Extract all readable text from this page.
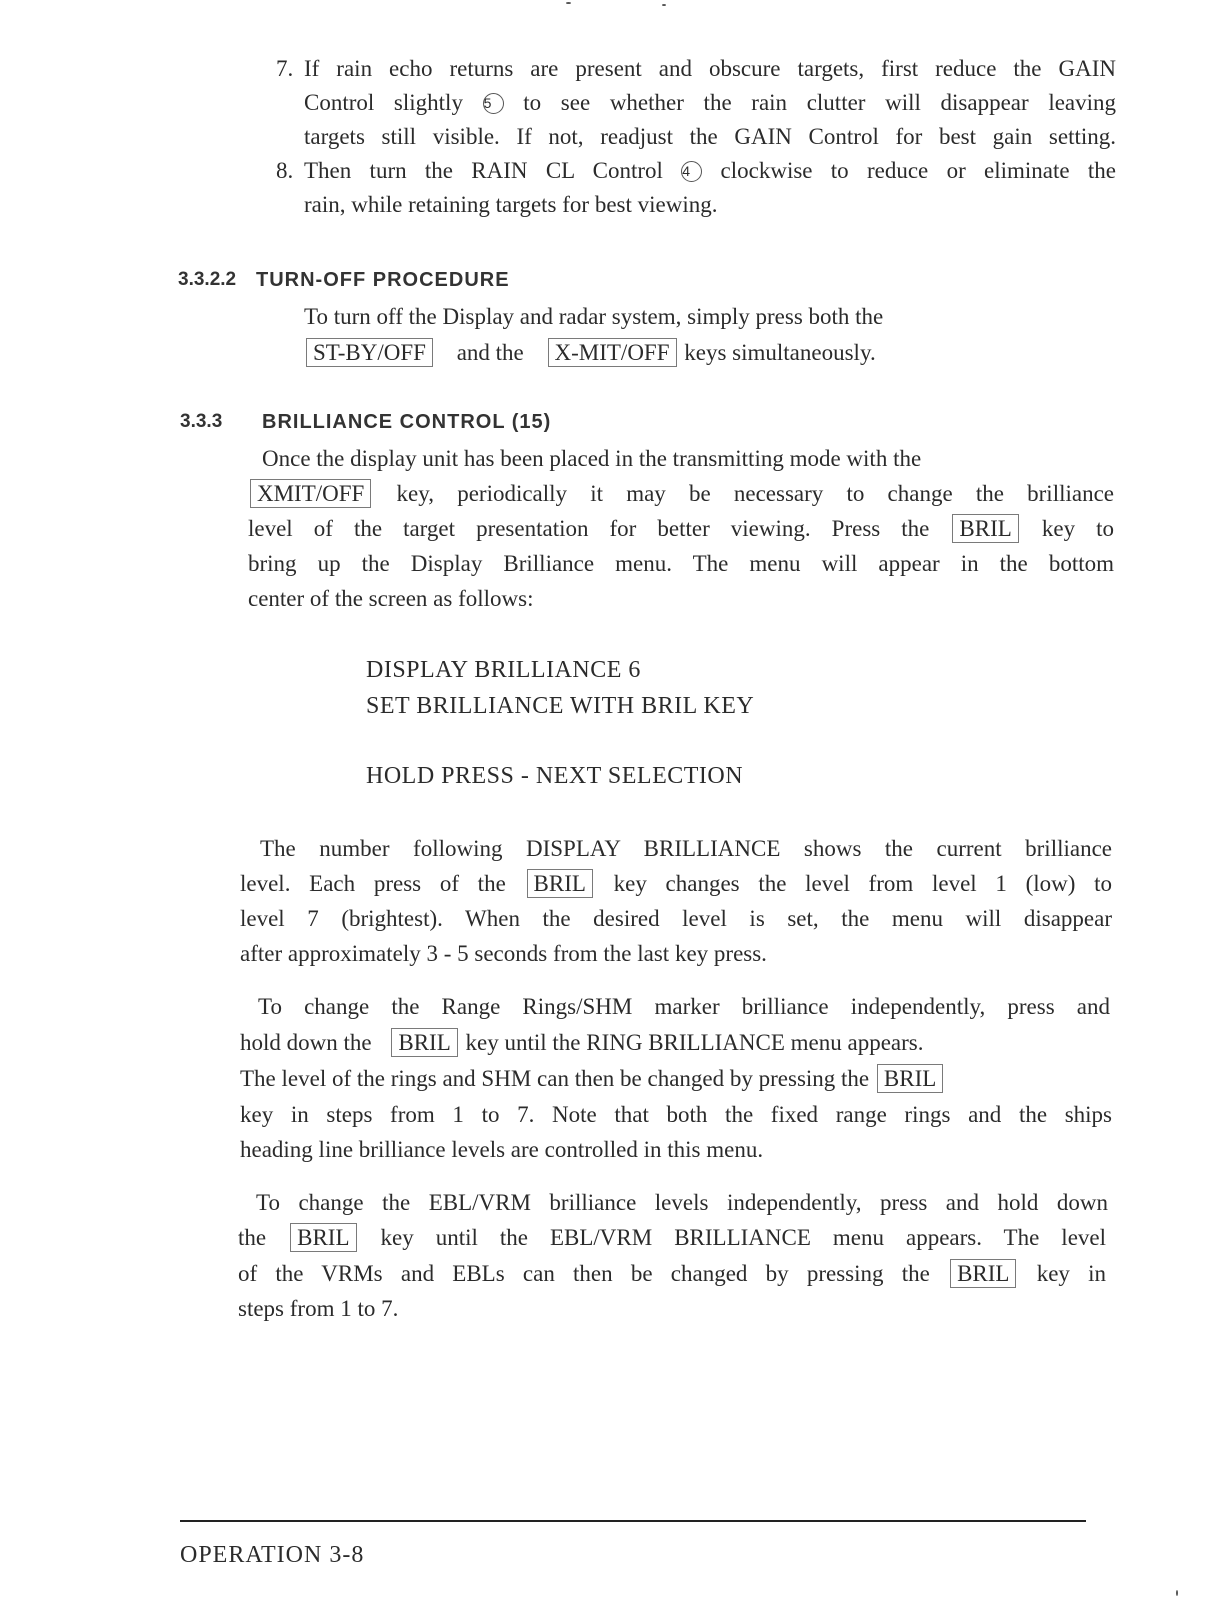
7. If rain echo returns are present and obscure targets, first reduce the GAIN
Control slightly 5 to see whether the rain clutter will disappear leaving
targets still visible. If not, readjust the GAIN Control for best gain setting.
8. Then turn the RAIN CL Control 4 clockwise to reduce or eliminate the
rain, while retaining targets for best viewing.
3.3.2.2 TURN-OFF PROCEDURE
To turn off the Display and radar system, simply press both the
ST-BY/OFF and the X-MIT/OFF keys simultaneously.
3.3.3 BRILLIANCE CONTROL (15)
Once the display unit has been placed in the transmitting mode with the
XMIT/OFF key, periodically it may be necessary to change the brilliance
level of the target presentation for better viewing. Press the BRIL key to
bring up the Display Brilliance menu. The menu will appear in the bottom
center of the screen as follows:
DISPLAY BRILLIANCE 6
SET BRILLIANCE WITH BRIL KEY
HOLD PRESS - NEXT SELECTION
The number following DISPLAY BRILLIANCE shows the current brilliance
level. Each press of the BRIL key changes the level from level 1 (low) to
level 7 (brightest). When the desired level is set, the menu will disappear
after approximately 3 - 5 seconds from the last key press.
To change the Range Rings/SHM marker brilliance independently, press and
hold down the BRIL key until the RING BRILLIANCE menu appears.
The level of the rings and SHM can then be changed by pressing the BRIL
key in steps from 1 to 7. Note that both the fixed range rings and the ships
heading line brilliance levels are controlled in this menu.
To change the EBL/VRM brilliance levels independently, press and hold down
the BRIL key until the EBL/VRM BRILLIANCE menu appears. The level
of the VRMs and EBLs can then be changed by pressing the BRIL key in
steps from 1 to 7.
OPERATION 3-8
